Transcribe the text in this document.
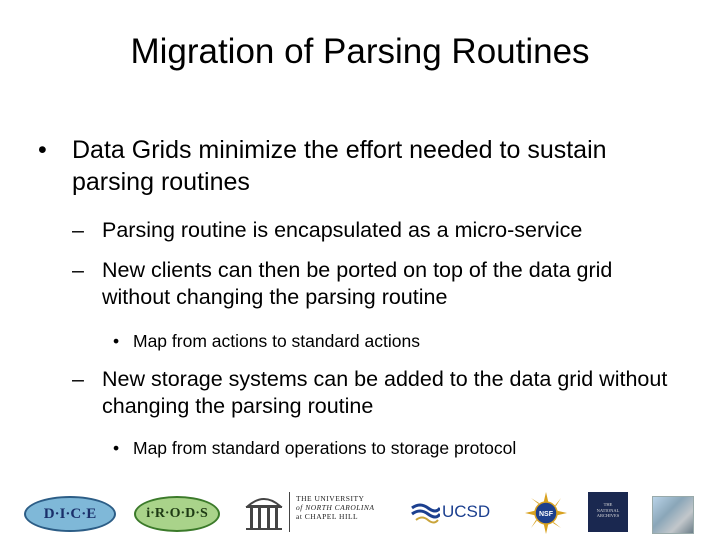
Migration of Parsing Routines
• Data Grids minimize the effort needed to sustain parsing routines
– Parsing routine is encapsulated as a micro-service
– New clients can then be ported on top of the data grid without changing the parsing routine
• Map from actions to standard actions
– New storage systems can be added to the data grid without changing the parsing routine
• Map from standard operations to storage protocol
D·I·C·E	i·R·O·D·S
THE UNIVERSITY
of NORTH CAROLINA
at CHAPEL HILL	UCSD	NSF
THE
NATIONAL
ARCHIVES
